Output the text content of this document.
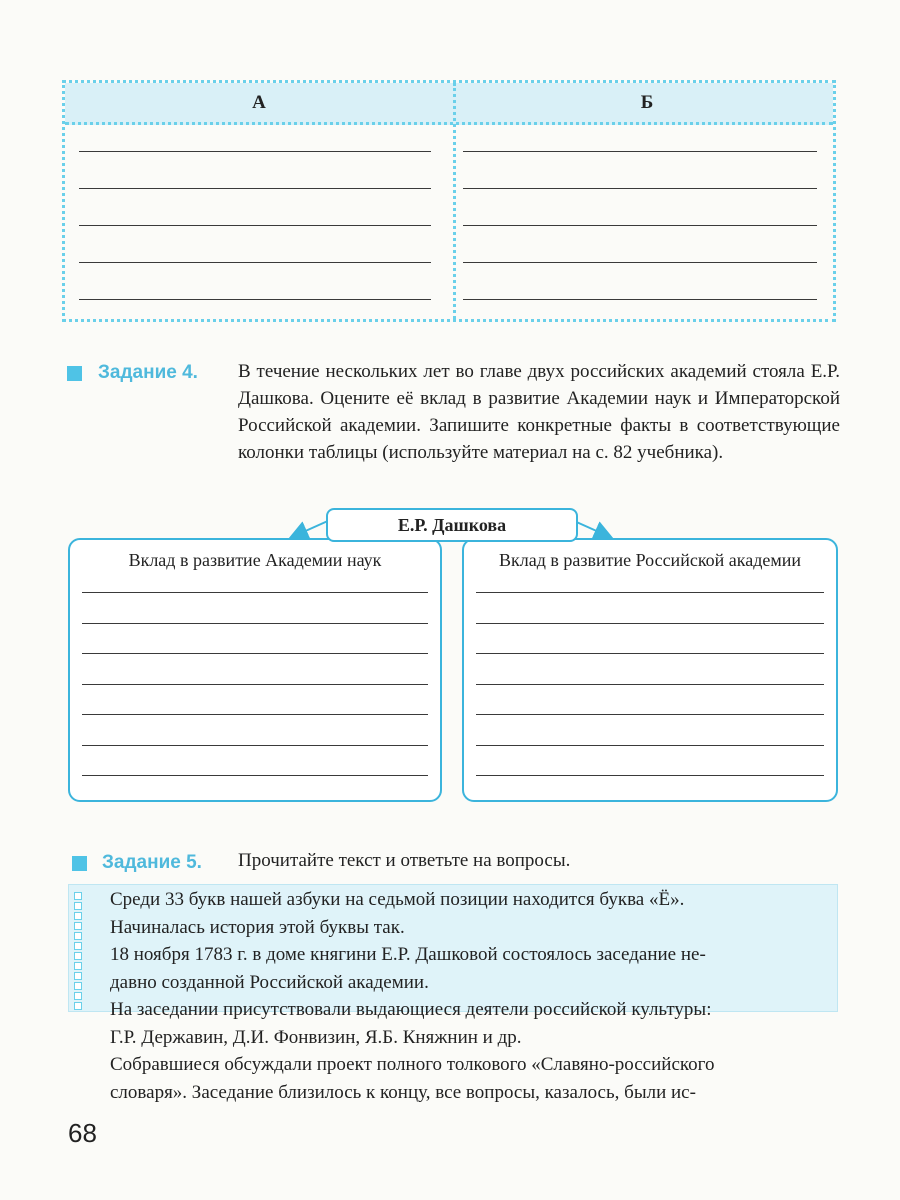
А	Б
Задание 4. В течение нескольких лет во главе двух российских академий стояла Е.Р. Дашкова. Оцените её вклад в развитие Академии наук и Императорской Российской академии. Запишите конкретные факты в соответствующие колонки таблицы (используйте материал на с. 82 учебника).
Вклад в развитие Академии наук	Вклад в развитие Российской академии
Е.Р. Дашкова
Задание 5. Прочитайте текст и ответьте на вопросы.
Среди 33 букв нашей азбуки на седьмой позиции находится буква «Ё».
Начиналась история этой буквы так.
18 ноября 1783 г. в доме княгини Е.Р. Дашковой состоялось заседание не-
давно созданной Российской академии.
На заседании присутствовали выдающиеся деятели российской культуры:
Г.Р. Державин, Д.И. Фонвизин, Я.Б. Княжнин и др.
Собравшиеся обсуждали проект полного толкового «Славяно-российского
словаря». Заседание близилось к концу, все вопросы, казалось, были ис-
68
